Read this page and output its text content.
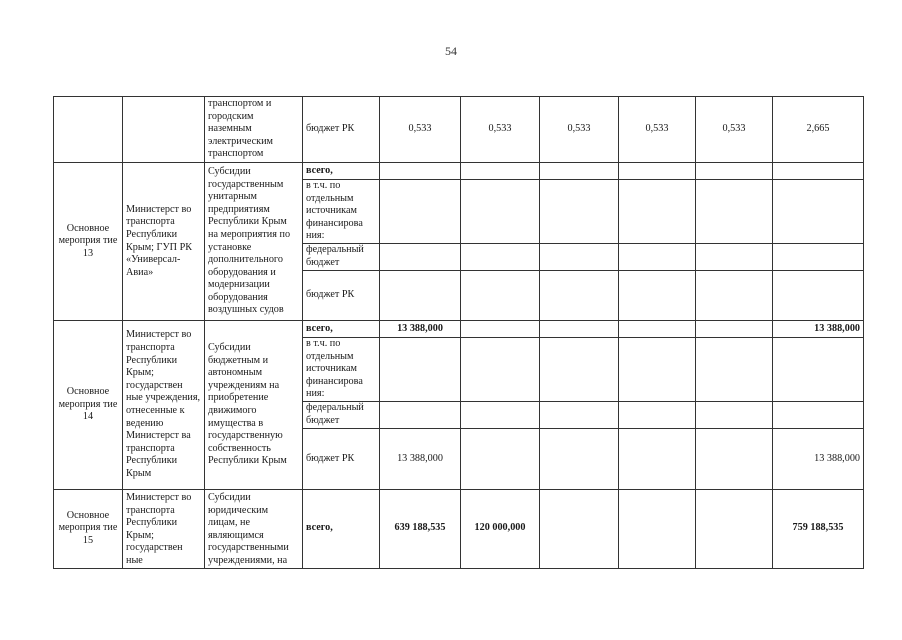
54
		транспортом и городским наземным электрическим транспортом	бюджет РК	0,533	0,533	0,533	0,533	0,533	2,665
Основное мероприя тие 13	Министерст во транспорта Республики Крым; ГУП РК «Универсал-Авиа»	Субсидии государственным унитарным предприятиям Республики Крым на мероприятия по установке дополнительного оборудования и модернизации оборудования воздушных судов	всего,						
			в т.ч. по отдельным источникам финансирова ния:						
			федеральный бюджет						
			бюджет РК						
Основное мероприя тие 14	Министерст во транспорта Республики Крым; государствен ные учреждения, отнесенные к ведению Министерст ва транспорта Республики Крым	Субсидии бюджетным и автономным учреждениям на приобретение движимого имущества в государственную собственность Республики Крым	всего,	13 388,000					13 388,000
			в т.ч. по отдельным источникам финансирова ния:						
			федеральный бюджет						
			бюджет РК	13 388,000					13 388,000
Основное мероприя тие 15	Министерст во транспорта Республики Крым; государствен ные	Субсидии юридическим лицам, не являющимся государственными учреждениями, на	всего,	639 188,535	120 000,000				759 188,535
